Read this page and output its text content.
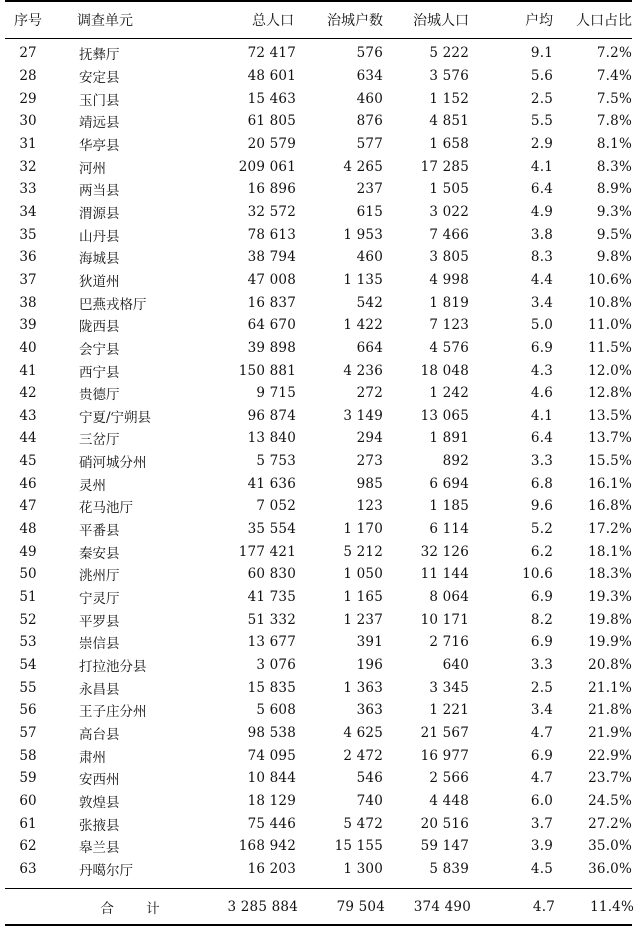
序号	调查单元	总人口	治城户数	治城人口	户均	人口占比
27	抚彝厅	72 417	576	5 222	9.1	7.2%
28	安定县	48 601	634	3 576	5.6	7.4%
29	玉门县	15 463	460	1 152	2.5	7.5%
30	靖远县	61 805	876	4 851	5.5	7.8%
31	华亭县	20 579	577	1 658	2.9	8.1%
32	河州	209 061	4 265	17 285	4.1	8.3%
33	两当县	16 896	237	1 505	6.4	8.9%
34	渭源县	32 572	615	3 022	4.9	9.3%
35	山丹县	78 613	1 953	7 466	3.8	9.5%
36	海城县	38 794	460	3 805	8.3	9.8%
37	狄道州	47 008	1 135	4 998	4.4	10.6%
38	巴燕戎格厅	16 837	542	1 819	3.4	10.8%
39	陇西县	64 670	1 422	7 123	5.0	11.0%
40	会宁县	39 898	664	4 576	6.9	11.5%
41	西宁县	150 881	4 236	18 048	4.3	12.0%
42	贵德厅	9 715	272	1 242	4.6	12.8%
43	宁夏/宁朔县	96 874	3 149	13 065	4.1	13.5%
44	三岔厅	13 840	294	1 891	6.4	13.7%
45	硝河城分州	5 753	273	892	3.3	15.5%
46	灵州	41 636	985	6 694	6.8	16.1%
47	花马池厅	7 052	123	1 185	9.6	16.8%
48	平番县	35 554	1 170	6 114	5.2	17.2%
49	秦安县	177 421	5 212	32 126	6.2	18.1%
50	洮州厅	60 830	1 050	11 144	10.6	18.3%
51	宁灵厅	41 735	1 165	8 064	6.9	19.3%
52	平罗县	51 332	1 237	10 171	8.2	19.8%
53	崇信县	13 677	391	2 716	6.9	19.9%
54	打拉池分县	3 076	196	640	3.3	20.8%
55	永昌县	15 835	1 363	3 345	2.5	21.1%
56	王子庄分州	5 608	363	1 221	3.4	21.8%
57	高台县	98 538	4 625	21 567	4.7	21.9%
58	肃州	74 095	2 472	16 977	6.9	22.9%
59	安西州	10 844	546	2 566	4.7	23.7%
60	敦煌县	18 129	740	4 448	6.0	24.5%
61	张掖县	75 446	5 472	20 516	3.7	27.2%
62	皋兰县	168 942	15 155	59 147	3.9	35.0%
63	丹噶尔厅	16 203	1 300	5 839	4.5	36.0%
	合 计	3 285 884	79 504	374 490	4.7	11.4%
